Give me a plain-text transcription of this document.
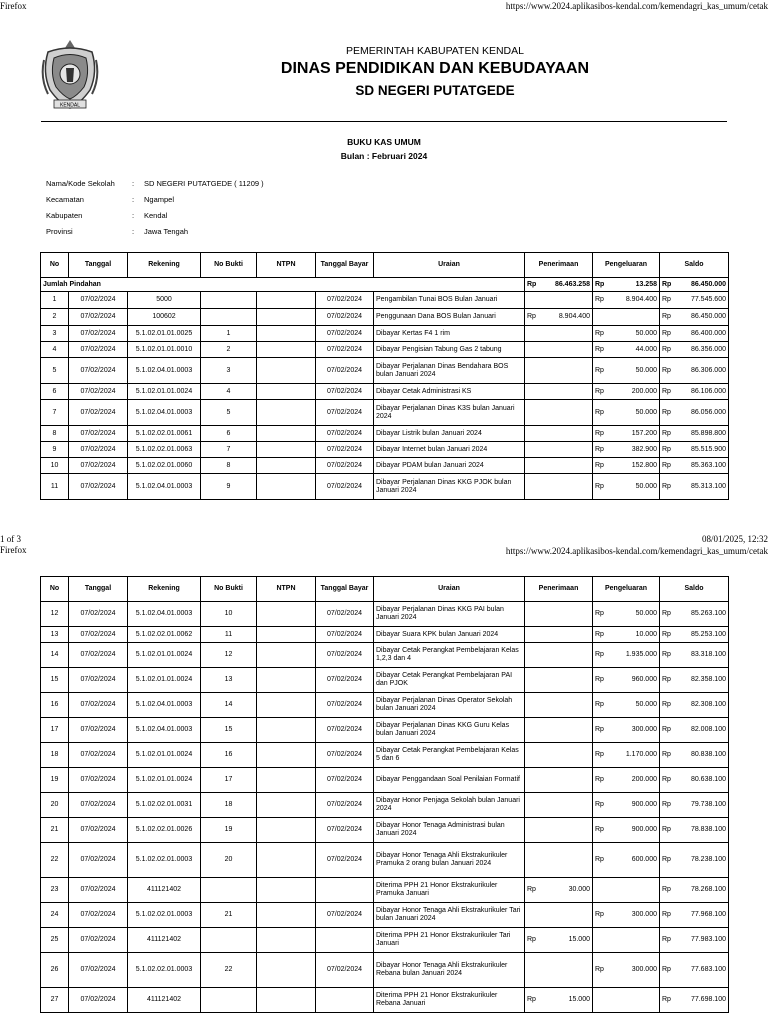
Firefox	https://www.2024.aplikasibos-kendal.com/kemendagri_kas_umum/cetak
KENDAL
PEMERINTAH KABUPATEN KENDAL
DINAS PENDIDIKAN DAN KEBUDAYAAN
SD NEGERI PUTATGEDE
BUKU KAS UMUM
Bulan : Februari 2024
Nama/Kode Sekolah	:	SD NEGERI PUTATGEDE ( 11209 )
Kecamatan	:	Ngampel
Kabupaten	:	Kendal
Provinsi	:	Jawa Tengah
No	Tanggal	Rekening	No Bukti	NTPN	Tanggal Bayar	Uraian	Penerimaan	Pengeluaran	Saldo
Jumlah Pindahan							Rp 86.463.258	Rp 13.258	Rp 86.450.000

1	07/02/2024	5000			07/02/2024	Pengambilan Tunai BOS Bulan Januari		Rp 8.904.400	Rp 77.545.600

2	07/02/2024	100602			07/02/2024	Penggunaan Dana BOS Bulan Januari	Rp 8.904.400		Rp 86.450.000

3	07/02/2024	5.1.02.01.01.0025	1		07/02/2024	Dibayar Kertas F4 1 rim		Rp 50.000	Rp 86.400.000

4	07/02/2024	5.1.02.01.01.0010	2		07/02/2024	Dibayar Pengisian Tabung Gas 2 tabung		Rp 44.000	Rp 86.356.000

5	07/02/2024	5.1.02.04.01.0003	3		07/02/2024	Dibayar Perjalanan Dinas Bendahara BOS bulan Januari 2024		Rp 50.000	Rp 86.306.000

6	07/02/2024	5.1.02.01.01.0024	4		07/02/2024	Dibayar Cetak Administrasi KS		Rp 200.000	Rp 86.106.000

7	07/02/2024	5.1.02.04.01.0003	5		07/02/2024	Dibayar Perjalanan Dinas K3S bulan Januari 2024		Rp 50.000	Rp 86.056.000

8	07/02/2024	5.1.02.02.01.0061	6		07/02/2024	Dibayar Listrik bulan Januari 2024		Rp 157.200	Rp 85.898.800

9	07/02/2024	5.1.02.02.01.0063	7		07/02/2024	Dibayar Internet bulan Januari 2024		Rp 382.900	Rp 85.515.900

10	07/02/2024	5.1.02.02.01.0060	8		07/02/2024	Dibayar PDAM bulan Januari 2024		Rp 152.800	Rp 85.363.100

11	07/02/2024	5.1.02.04.01.0003	9		07/02/2024	Dibayar Perjalanan Dinas KKG PJOK bulan Januari 2024		Rp 50.000	Rp 85.313.100
1 of 3	08/01/2025, 12:32
Firefox	https://www.2024.aplikasibos-kendal.com/kemendagri_kas_umum/cetak
No	Tanggal	Rekening	No Bukti	NTPN	Tanggal Bayar	Uraian	Penerimaan	Pengeluaran	Saldo
12	07/02/2024	5.1.02.04.01.0003	10		07/02/2024	Dibayar Perjalanan Dinas KKG PAI bulan Januari 2024		Rp 50.000	Rp 85.263.100

13	07/02/2024	5.1.02.02.01.0062	11		07/02/2024	Dibayar Suara KPK bulan Januari 2024		Rp 10.000	Rp 85.253.100

14	07/02/2024	5.1.02.01.01.0024	12		07/02/2024	Dibayar Cetak Perangkat Pembelajaran Kelas 1,2,3 dan 4		Rp 1.935.000	Rp 83.318.100

15	07/02/2024	5.1.02.01.01.0024	13		07/02/2024	Dibayar Cetak Perangkat Pembelajaran PAI dan PJOK		Rp 960.000	Rp 82.358.100

16	07/02/2024	5.1.02.04.01.0003	14		07/02/2024	Dibayar Perjalanan Dinas Operator Sekolah bulan Januari 2024		Rp 50.000	Rp 82.308.100

17	07/02/2024	5.1.02.04.01.0003	15		07/02/2024	Dibayar Perjalanan Dinas KKG Guru Kelas bulan Januari 2024		Rp 300.000	Rp 82.008.100

18	07/02/2024	5.1.02.01.01.0024	16		07/02/2024	Dibayar Cetak Perangkat Pembelajaran Kelas 5 dan 6		Rp 1.170.000	Rp 80.838.100

19	07/02/2024	5.1.02.01.01.0024	17		07/02/2024	Dibayar Penggandaan Soal Penilaian Formatif		Rp 200.000	Rp 80.638.100

20	07/02/2024	5.1.02.02.01.0031	18		07/02/2024	Dibayar Honor Penjaga Sekolah bulan Januari 2024		Rp 900.000	Rp 79.738.100

21	07/02/2024	5.1.02.02.01.0026	19		07/02/2024	Dibayar Honor Tenaga Administrasi bulan Januari 2024		Rp 900.000	Rp 78.838.100

22	07/02/2024	5.1.02.02.01.0003	20		07/02/2024	Dibayar Honor Tenaga Ahli Ekstrakurikuler Pramuka 2 orang bulan Januari 2024		Rp 600.000	Rp 78.238.100

23	07/02/2024	411121402				Diterima PPH 21 Honor Ekstrakurikuler Pramuka Januari	Rp 30.000		Rp 78.268.100

24	07/02/2024	5.1.02.02.01.0003	21		07/02/2024	Dibayar Honor Tenaga Ahli Ekstrakurikuler Tari bulan Januari 2024		Rp 300.000	Rp 77.968.100

25	07/02/2024	411121402				Diterima PPH 21 Honor Ekstrakurikuler Tari Januari	Rp 15.000		Rp 77.983.100

26	07/02/2024	5.1.02.02.01.0003	22		07/02/2024	Dibayar Honor Tenaga Ahli Ekstrakurikuler Rebana bulan Januari 2024		Rp 300.000	Rp 77.683.100

27	07/02/2024	411121402				Diterima PPH 21 Honor Ekstrakurikuler Rebana Januari	Rp 15.000		Rp 77.698.100
